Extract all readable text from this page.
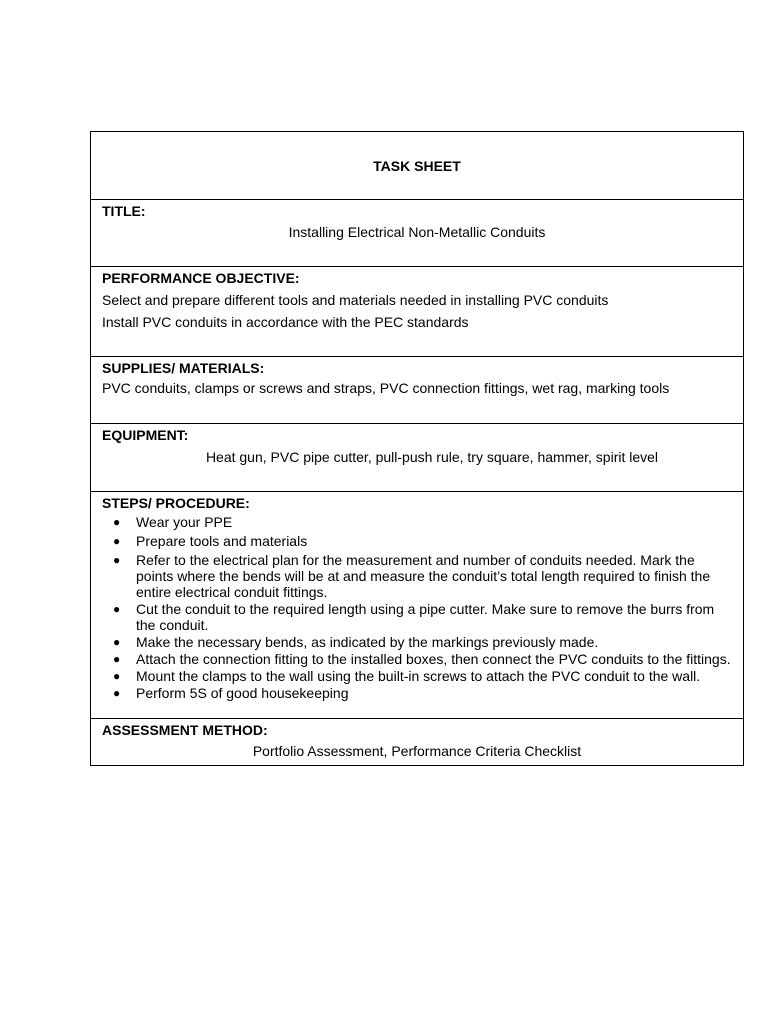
TASK SHEET

TITLE:
Installing Electrical Non-Metallic Conduits

PERFORMANCE OBJECTIVE:
Select and prepare different tools and materials needed in installing PVC conduits
Install PVC conduits in accordance with the PEC standards

SUPPLIES/ MATERIALS:
PVC conduits, clamps or screws and straps, PVC connection fittings, wet rag, marking tools

EQUIPMENT:
Heat gun, PVC pipe cutter, pull-push rule, try square, hammer, spirit level

STEPS/ PROCEDURE:
● Wear your PPE
● Prepare tools and materials
● Refer to the electrical plan for the measurement and number of conduits needed. Mark the points where the bends will be at and measure the conduit’s total length required to finish the entire electrical conduit fittings.
● Cut the conduit to the required length using a pipe cutter. Make sure to remove the burrs from the conduit.
● Make the necessary bends, as indicated by the markings previously made.
● Attach the connection fitting to the installed boxes, then connect the PVC conduits to the fittings.
● Mount the clamps to the wall using the built-in screws to attach the PVC conduit to the wall.
● Perform 5S of good housekeeping

ASSESSMENT METHOD:
Portfolio Assessment, Performance Criteria Checklist
